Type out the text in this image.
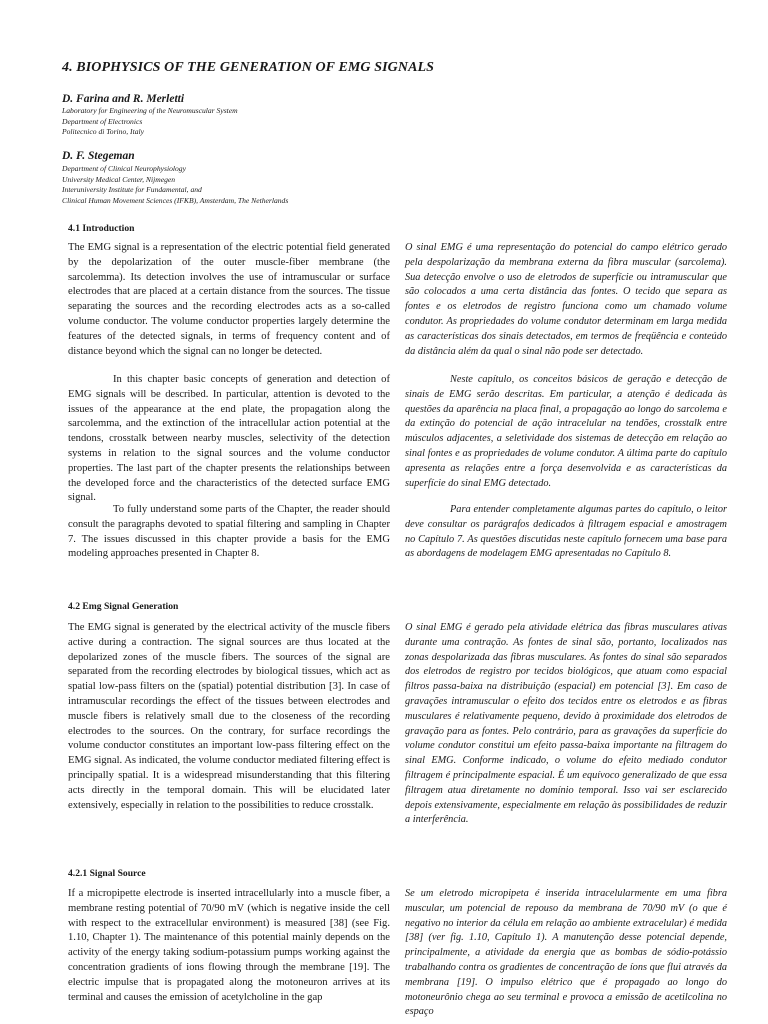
4. BIOPHYSICS OF THE GENERATION OF EMG SIGNALS
D. Farina and R. Merletti
Laboratory for Engineering of the Neuromuscular System
Department of Electronics
Politecnico di Torino, Italy
D. F. Stegeman
Department of Clinical Neurophysiology
University Medical Center, Nijmegen
Interuniversity Institute for Fundamental, and
Clinical Human Movement Sciences (IFKB), Amsterdam, The Netherlands
4.1 Introduction
The EMG signal is a representation of the electric potential field generated by the depolarization of the outer muscle-fiber membrane (the sarcolemma). Its detection involves the use of intramuscular or surface electrodes that are placed at a certain distance from the sources. The tissue separating the sources and the recording electrodes acts as a so-called volume conductor. The volume conductor properties largely determine the features of the detected signals, in terms of frequency content and of distance beyond which the signal can no longer be detected.
O sinal EMG é uma representação do potencial do campo elétrico gerado pela despolarização da membrana externa da fibra muscular (sarcolema). Sua detecção envolve o uso de eletrodos de superfície ou intramuscular que são colocados a uma certa distância das fontes. O tecido que separa as fontes e os eletrodos de registro funciona como um chamado volume condutor. As propriedades do volume condutor determinam em larga medida as características dos sinais detectados, em termos de freqüência e conteúdo da distância além da qual o sinal não pode ser detectado.
In this chapter basic concepts of generation and detection of EMG signals will be described. In particular, attention is devoted to the issues of the appearance at the end plate, the propagation along the sarcolemma, and the extinction of the intracellular action potential at the tendons, crosstalk between nearby muscles, selectivity of the detection systems in relation to the signal sources and the volume conductor properties. The last part of the chapter presents the relationships between the developed force and the characteristics of the detected surface EMG signal.
Neste capítulo, os conceitos básicos de geração e detecção de sinais de EMG serão descritas. Em particular, a atenção é dedicada às questões da aparência na placa final, a propagação ao longo do sarcolema e da extinção do potencial de ação intracelular na tendões, crosstalk entre músculos adjacentes, a seletividade dos sistemas de detecção em relação ao sinal fontes e as propriedades de volume condutor. A última parte do capítulo apresenta as relações entre a força desenvolvida e as características da superfície do sinal EMG detectado.
To fully understand some parts of the Chapter, the reader should consult the paragraphs devoted to spatial filtering and sampling in Chapter 7. The issues discussed in this chapter provide a basis for the EMG modeling approaches presented in Chapter 8.
Para entender completamente algumas partes do capítulo, o leitor deve consultar os parágrafos dedicados à filtragem espacial e amostragem no Capítulo 7. As questões discutidas neste capítulo fornecem uma base para as abordagens de modelagem EMG apresentadas no Capítulo 8.
4.2 Emg Signal Generation
The EMG signal is generated by the electrical activity of the muscle fibers active during a contraction. The signal sources are thus located at the depolarized zones of the muscle fibers. The sources of the signal are separated from the recording electrodes by biological tissues, which act as spatial low-pass filters on the (spatial) potential distribution [3]. In case of intramuscular recordings the effect of the tissues between electrodes and muscle fibers is relatively small due to the closeness of the recording electrodes to the sources. On the contrary, for surface recordings the volume conductor constitutes an important low-pass filtering effect on the EMG signal. As indicated, the volume conductor mediated filtering effect is principally spatial. It is a widespread misunderstanding that this filtering acts directly in the temporal domain. This will be elucidated later extensively, especially in relation to the possibilities to reduce crosstalk.
O sinal EMG é gerado pela atividade elétrica das fibras musculares ativas durante uma contração. As fontes de sinal são, portanto, localizados nas zonas despolarizada das fibras musculares. As fontes do sinal são separados dos eletrodos de registro por tecidos biológicos, que atuam como espacial filtros passa-baixa na distribuição (espacial) em potencial [3]. Em caso de gravações intramuscular o efeito dos tecidos entre os eletrodos e as fibras musculares é relativamente pequeno, devido à proximidade dos eletrodos de gravação para as fontes. Pelo contrário, para as gravações da superfície do volume condutor constitui um efeito passa-baixa importante na filtragem do sinal EMG. Conforme indicado, o volume do efeito mediado condutor filtragem é principalmente espacial. É um equívoco generalizado de que essa filtragem atua diretamente no domínio temporal. Isso vai ser esclarecido depois extensivamente, especialmente em relação às possibilidades de reduzir a interferência.
4.2.1 Signal Source
If a micropipette electrode is inserted intracellularly into a muscle fiber, a membrane resting potential of 70/90 mV (which is negative inside the cell with respect to the extracellular environment) is measured [38] (see Fig. 1.10, Chapter 1). The maintenance of this potential mainly depends on the activity of the energy taking sodium-potassium pumps working against the concentration gradients of ions flowing through the membrane [19]. The electric impulse that is propagated along the motoneuron arrives at its terminal and causes the emission of acetylcholine in the gap
Se um eletrodo micropipeta é inserida intracelularmente em uma fibra muscular, um potencial de repouso da membrana de 70/90 mV (o que é negativo no interior da célula em relação ao ambiente extracelular) é medida [38] (ver fig. 1.10, Capítulo 1). A manutenção desse potencial depende, principalmente, a atividade da energia que as bombas de sódio-potássio trabalhando contra os gradientes de concentração de íons que flui através da membrana [19]. O impulso elétrico que é propagado ao longo do motoneurônio chega ao seu terminal e provoca a emissão de acetilcolina no espaço
